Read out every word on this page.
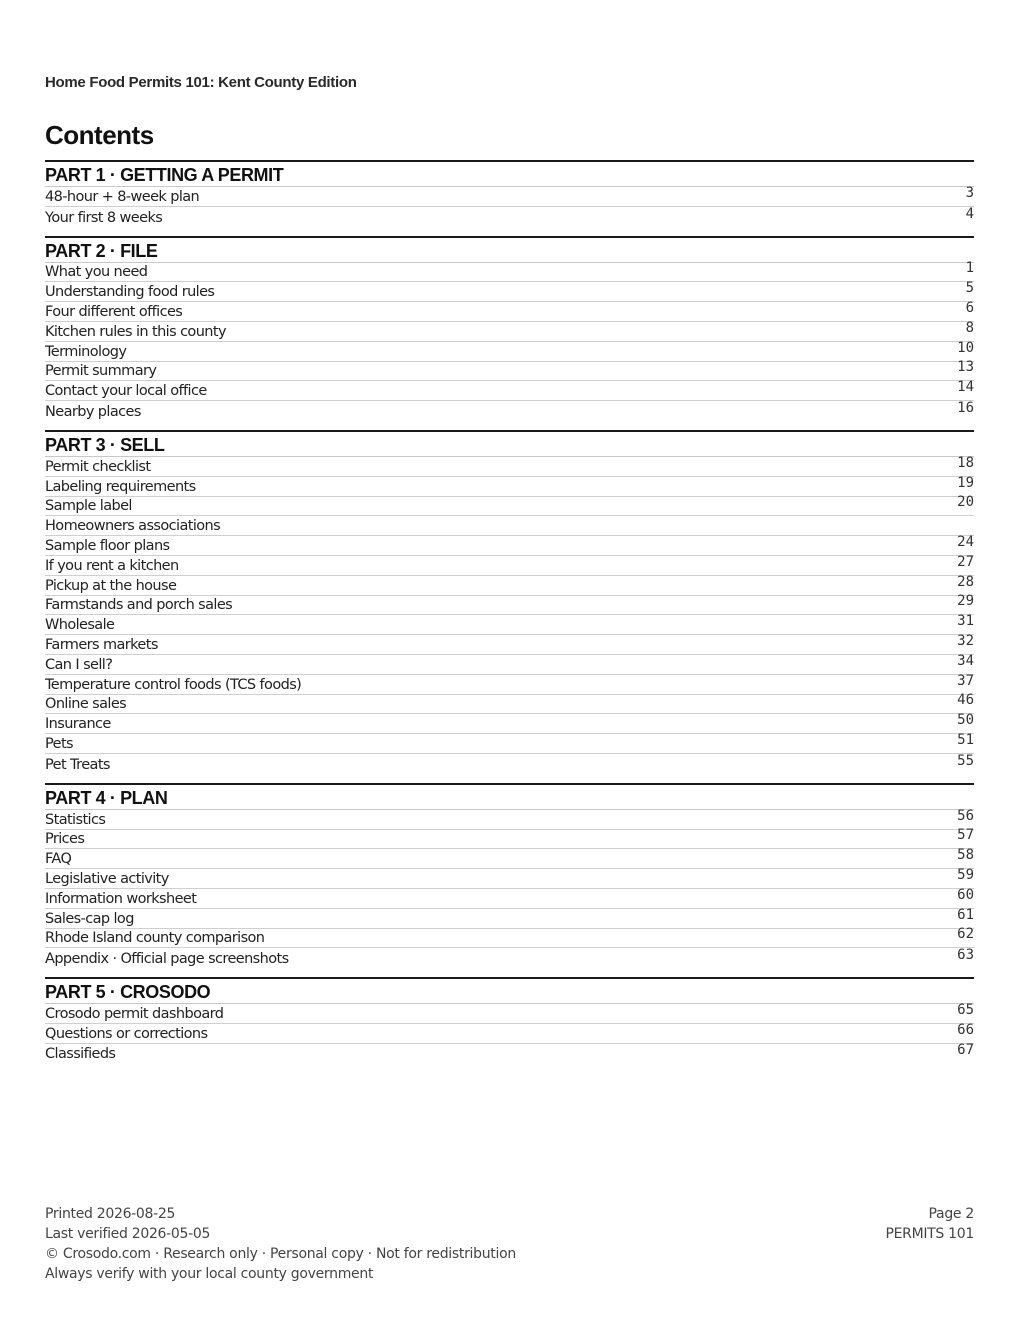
Home Food Permits 101: Kent County Edition
Contents
PART 1 · GETTING A PERMIT
48-hour + 8-week plan	3
Your first 8 weeks	4
PART 2 · FILE
What you need	1
Understanding food rules	5
Four different offices	6
Kitchen rules in this county	8
Terminology	10
Permit summary	13
Contact your local office	14
Nearby places	16
PART 3 · SELL
Permit checklist	18
Labeling requirements	19
Sample label	20
Homeowners associations
Sample floor plans	24
If you rent a kitchen	27
Pickup at the house	28
Farmstands and porch sales	29
Wholesale	31
Farmers markets	32
Can I sell?	34
Temperature control foods (TCS foods)	37
Online sales	46
Insurance	50
Pets	51
Pet Treats	55
PART 4 · PLAN
Statistics	56
Prices	57
FAQ	58
Legislative activity	59
Information worksheet	60
Sales-cap log	61
Rhode Island county comparison	62
Appendix · Official page screenshots	63
PART 5 · CROSODO
Crosodo permit dashboard	65
Questions or corrections	66
Classifieds	67
Printed 2026-08-25
Last verified 2026-05-05
© Crosodo.com · Research only · Personal copy · Not for redistribution
Always verify with your local county government
Page 2
PERMITS 101
